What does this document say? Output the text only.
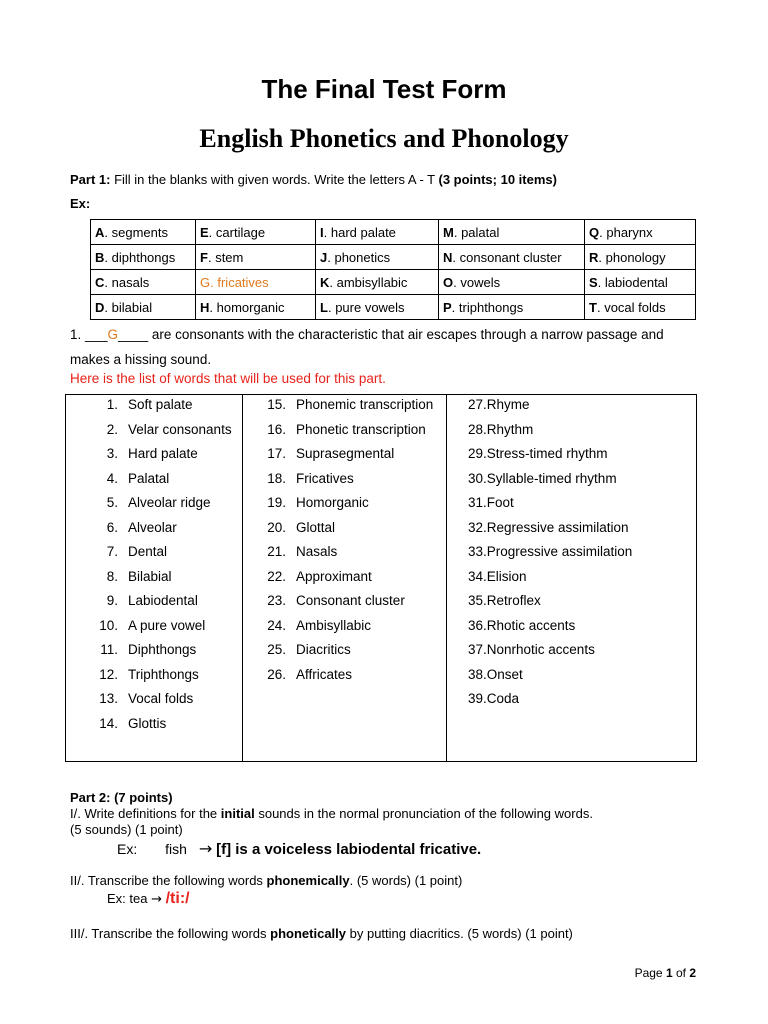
The Final Test Form
English Phonetics and Phonology
Part 1: Fill in the blanks with given words. Write the letters A - T (3 points; 10 items)
Ex:
A. segments	E. cartilage	I. hard palate	M. palatal	Q. pharynx
B. diphthongs	F. stem	J. phonetics	N. consonant cluster	R. phonology
C. nasals	G. fricatives	K. ambisyllabic	O. vowels	S. labiodental
D. bilabial	H. homorganic	L. pure vowels	P. triphthongs	T. vocal folds
1. ___G____ are consonants with the characteristic that air escapes through a narrow passage and
makes a hissing sound.
Here is the list of words that will be used for this part.
1. Soft palate
2. Velar consonants
3. Hard palate
4. Palatal
5. Alveolar ridge
6. Alveolar
7. Dental
8. Bilabial
9. Labiodental
10. A pure vowel
11. Diphthongs
12. Triphthongs
13. Vocal folds
14. Glottis
15. Phonemic transcription
16. Phonetic transcription
17. Suprasegmental
18. Fricatives
19. Homorganic
20. Glottal
21. Nasals
22. Approximant
23. Consonant cluster
24. Ambisyllabic
25. Diacritics
26. Affricates
27.Rhyme
28.Rhythm
29.Stress-timed rhythm
30.Syllable-timed rhythm
31.Foot
32.Regressive assimilation
33.Progressive assimilation
34.Elision
35.Retroflex
36.Rhotic accents
37.Nonrhotic accents
38.Onset
39.Coda
Part 2: (7 points)
I/. Write definitions for the initial sounds in the normal pronunciation of the following words.
(5 sounds) (1 point)
Ex: fish → [f] is a voiceless labiodental fricative.
II/. Transcribe the following words phonemically. (5 words) (1 point)
Ex: tea → /ti:/
III/. Transcribe the following words phonetically by putting diacritics. (5 words) (1 point)
Page 1 of 2
